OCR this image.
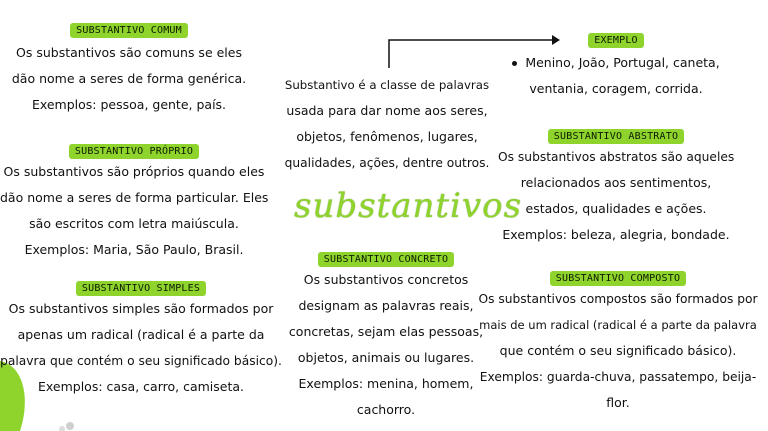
SUBSTANTIVO COMUM
Os substantivos são comuns se eles
dão nome a seres de forma genérica.
Exemplos: pessoa, gente, país.
SUBSTANTIVO PRÓPRIO
Os substantivos são próprios quando eles
dão nome a seres de forma particular. Eles
são escritos com letra maiúscula.
Exemplos: Maria, São Paulo, Brasil.
SUBSTANTIVO SIMPLES
Os substantivos simples são formados por
apenas um radical (radical é a parte da
palavra que contém o seu significado básico).
Exemplos: casa, carro, camiseta.
Substantivo é a classe de palavras
usada para dar nome aos seres,
objetos, fenômenos, lugares,
qualidades, ações, dentre outros.
substantivos
SUBSTANTIVO CONCRETO
Os substantivos concretos
designam as palavras reais,
concretas, sejam elas pessoas,
objetos, animais ou lugares.
Exemplos: menina, homem,
cachorro.
EXEMPLO
Menino, João, Portugal, caneta,
ventania, coragem, corrida.
SUBSTANTIVO ABSTRATO
Os substantivos abstratos são aqueles
relacionados aos sentimentos,
estados, qualidades e ações.
Exemplos: beleza, alegria, bondade.
SUBSTANTIVO COMPOSTO
Os substantivos compostos são formados por
mais de um radical (radical é a parte da palavra
que contém o seu significado básico).
Exemplos: guarda-chuva, passatempo, beija-
flor.
